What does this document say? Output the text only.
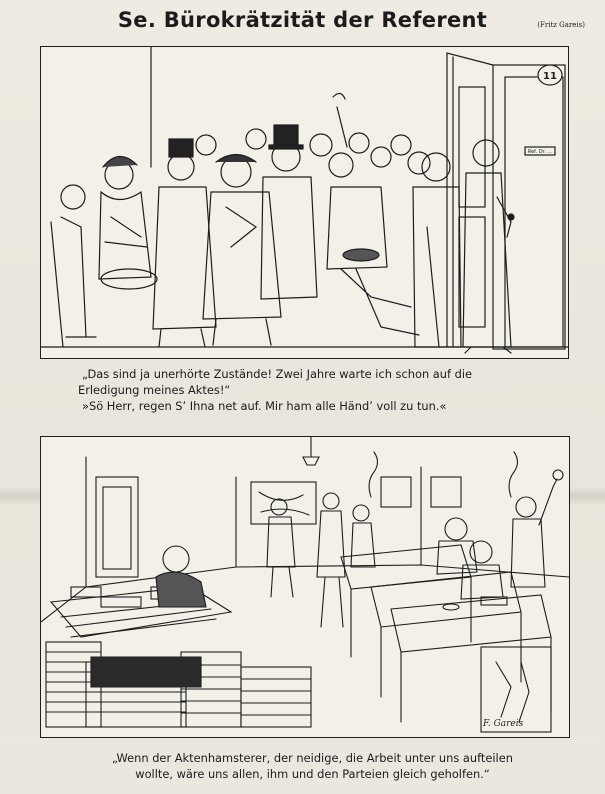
Se. Bürokrätzität der Referent	(Fritz Gareis)
11
Ref. Dr. ...
„Das sind ja unerhörte Zustände! Zwei Jahre warte ich schon auf die
Erledigung meines Aktes!“
»Sö Herr, regen S’ Ihna net auf. Mir ham alle Händ’ voll zu tun.«
F. Gareis
„Wenn der Aktenhamsterer, der neidige, die Arbeit unter uns aufteilen
wollte, wäre uns allen, ihm und den Parteien gleich geholfen.“
